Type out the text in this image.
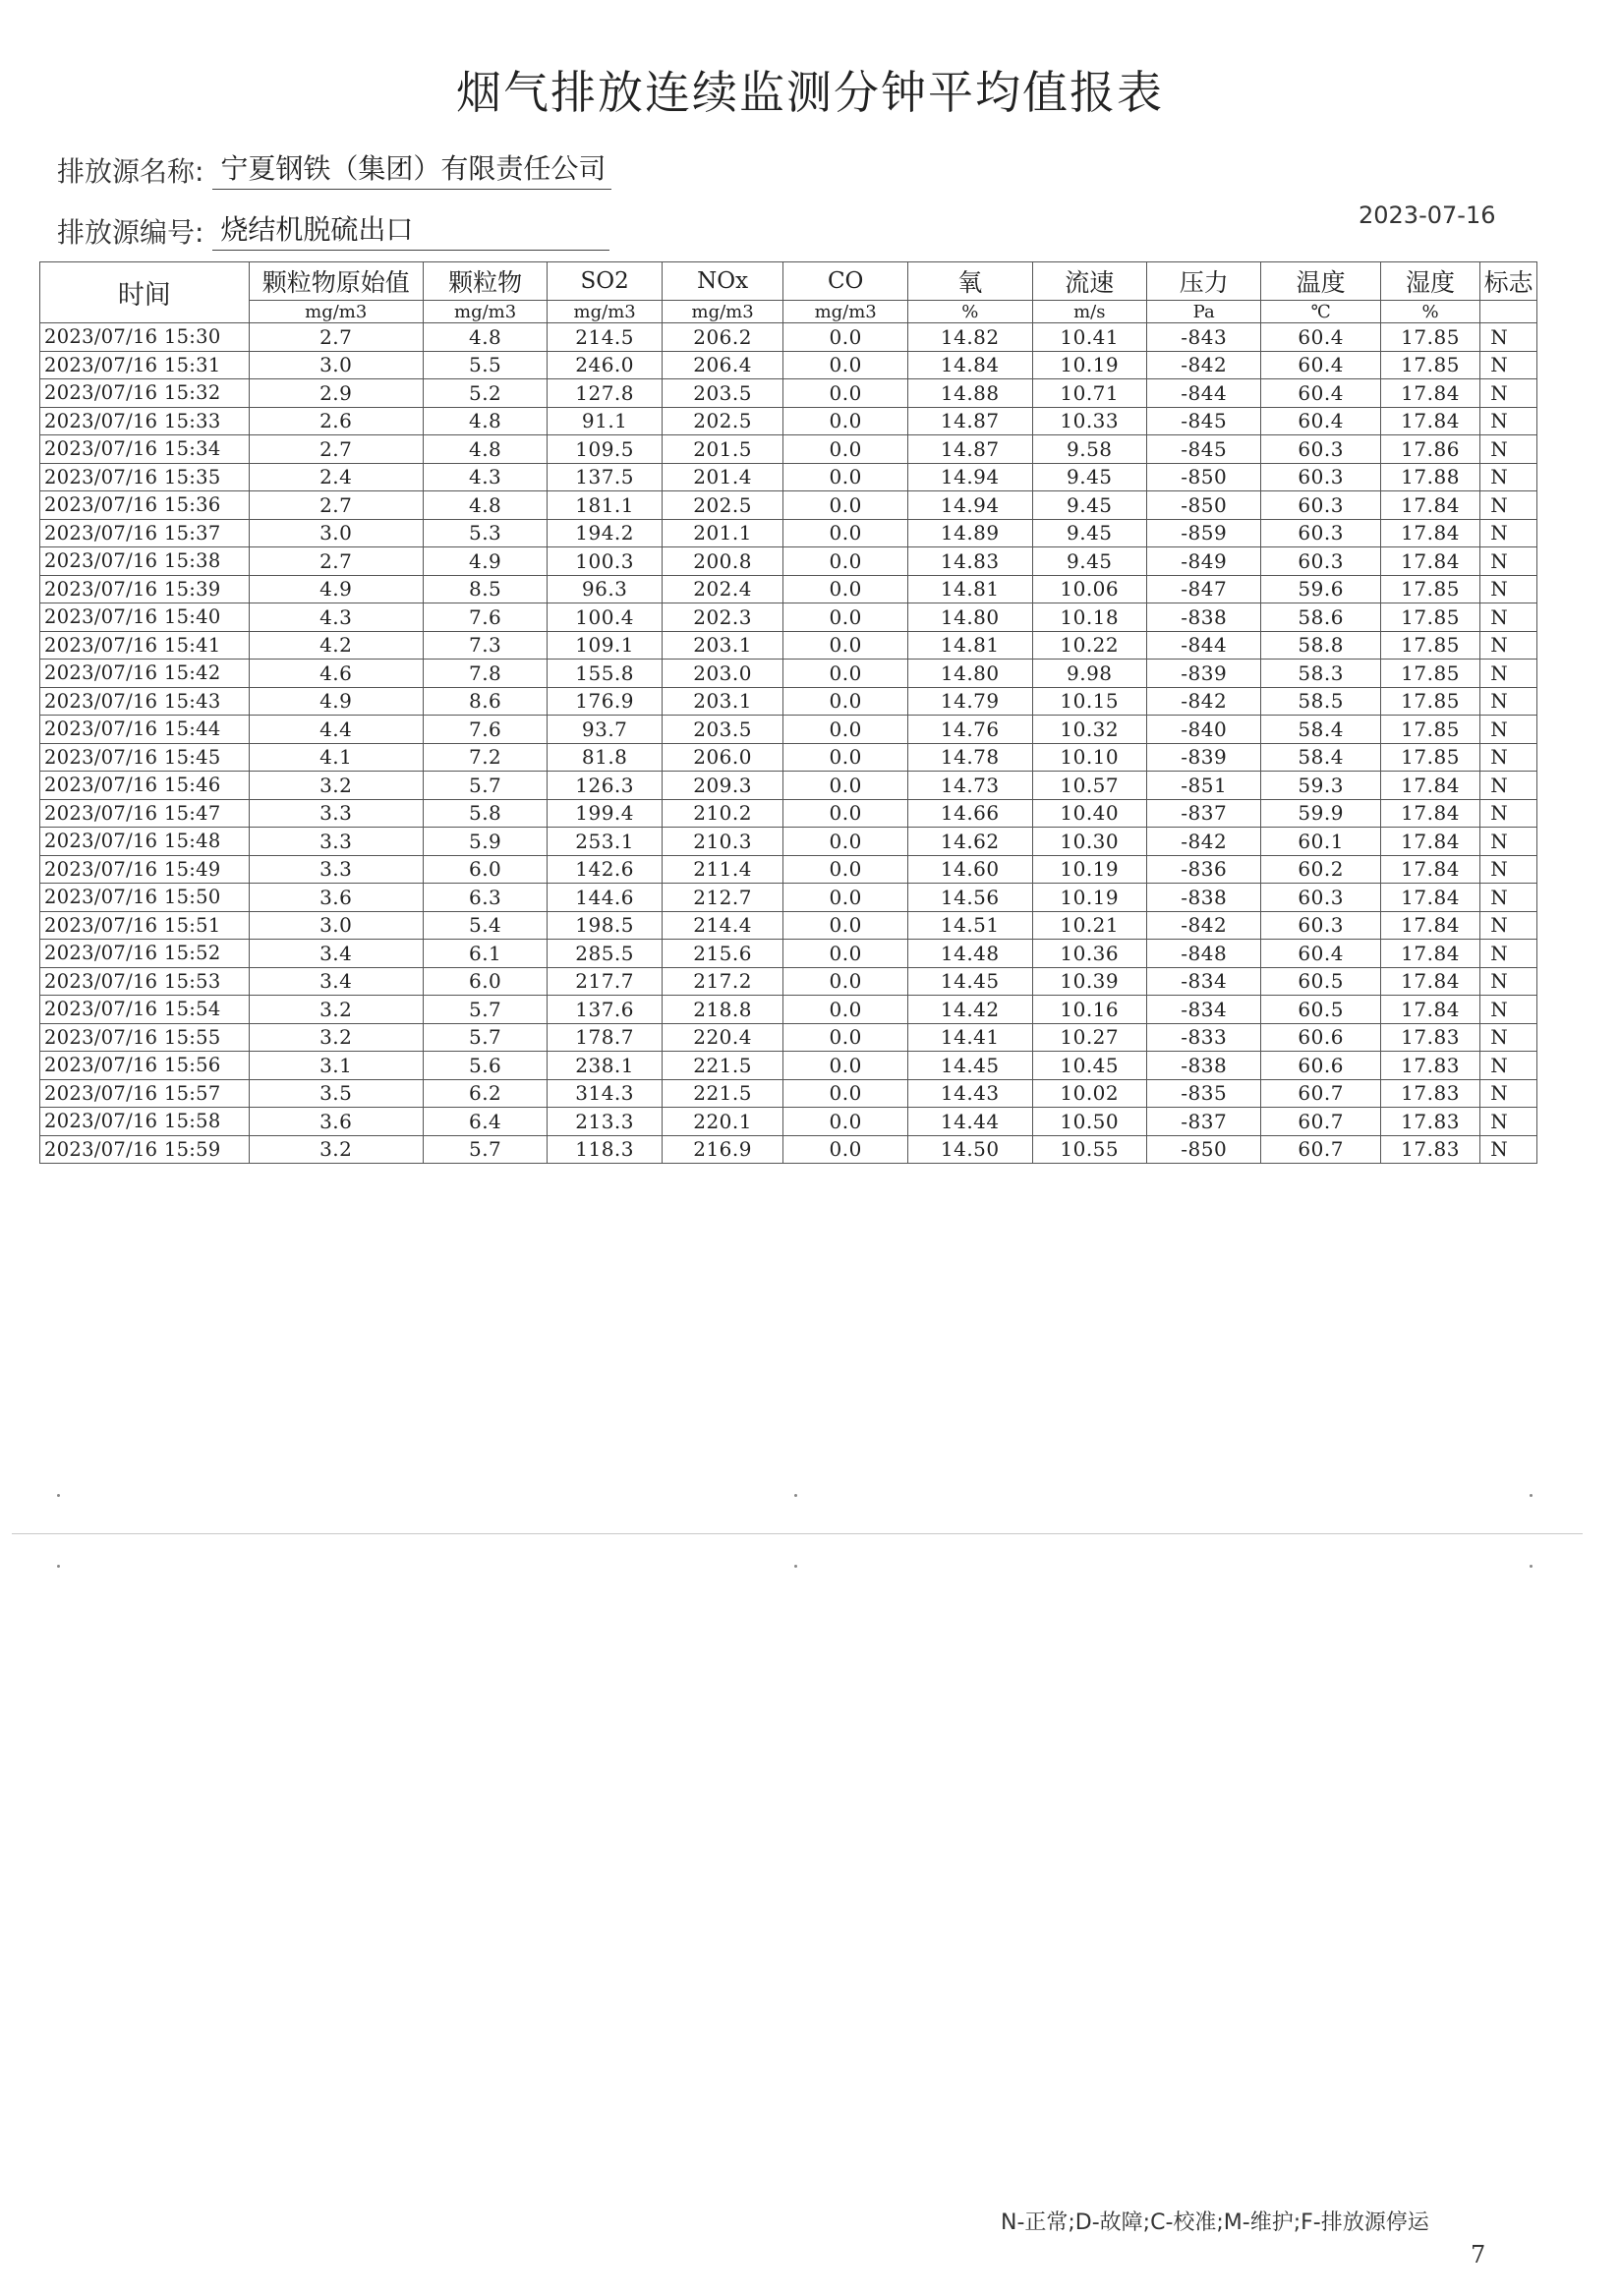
烟气排放连续监测分钟平均值报表
排放源名称: 宁夏钢铁（集团）有限责任公司
排放源编号: 烧结机脱硫出口	2023-07-16
时间	颗粒物原始值	颗粒物	SO2	NOx	CO	氧	流速	压力	温度	湿度	标志
	mg/m3	mg/m3	mg/m3	mg/m3	mg/m3	%	m/s	Pa	℃	%	
2023/07/16 15:30	2.7	4.8	214.5	206.2	0.0	14.82	10.41	-843	60.4	17.85	N
2023/07/16 15:31	3.0	5.5	246.0	206.4	0.0	14.84	10.19	-842	60.4	17.85	N
2023/07/16 15:32	2.9	5.2	127.8	203.5	0.0	14.88	10.71	-844	60.4	17.84	N
2023/07/16 15:33	2.6	4.8	91.1	202.5	0.0	14.87	10.33	-845	60.4	17.84	N
2023/07/16 15:34	2.7	4.8	109.5	201.5	0.0	14.87	9.58	-845	60.3	17.86	N
2023/07/16 15:35	2.4	4.3	137.5	201.4	0.0	14.94	9.45	-850	60.3	17.88	N
2023/07/16 15:36	2.7	4.8	181.1	202.5	0.0	14.94	9.45	-850	60.3	17.84	N
2023/07/16 15:37	3.0	5.3	194.2	201.1	0.0	14.89	9.45	-859	60.3	17.84	N
2023/07/16 15:38	2.7	4.9	100.3	200.8	0.0	14.83	9.45	-849	60.3	17.84	N
2023/07/16 15:39	4.9	8.5	96.3	202.4	0.0	14.81	10.06	-847	59.6	17.85	N
2023/07/16 15:40	4.3	7.6	100.4	202.3	0.0	14.80	10.18	-838	58.6	17.85	N
2023/07/16 15:41	4.2	7.3	109.1	203.1	0.0	14.81	10.22	-844	58.8	17.85	N
2023/07/16 15:42	4.6	7.8	155.8	203.0	0.0	14.80	9.98	-839	58.3	17.85	N
2023/07/16 15:43	4.9	8.6	176.9	203.1	0.0	14.79	10.15	-842	58.5	17.85	N
2023/07/16 15:44	4.4	7.6	93.7	203.5	0.0	14.76	10.32	-840	58.4	17.85	N
2023/07/16 15:45	4.1	7.2	81.8	206.0	0.0	14.78	10.10	-839	58.4	17.85	N
2023/07/16 15:46	3.2	5.7	126.3	209.3	0.0	14.73	10.57	-851	59.3	17.84	N
2023/07/16 15:47	3.3	5.8	199.4	210.2	0.0	14.66	10.40	-837	59.9	17.84	N
2023/07/16 15:48	3.3	5.9	253.1	210.3	0.0	14.62	10.30	-842	60.1	17.84	N
2023/07/16 15:49	3.3	6.0	142.6	211.4	0.0	14.60	10.19	-836	60.2	17.84	N
2023/07/16 15:50	3.6	6.3	144.6	212.7	0.0	14.56	10.19	-838	60.3	17.84	N
2023/07/16 15:51	3.0	5.4	198.5	214.4	0.0	14.51	10.21	-842	60.3	17.84	N
2023/07/16 15:52	3.4	6.1	285.5	215.6	0.0	14.48	10.36	-848	60.4	17.84	N
2023/07/16 15:53	3.4	6.0	217.7	217.2	0.0	14.45	10.39	-834	60.5	17.84	N
2023/07/16 15:54	3.2	5.7	137.6	218.8	0.0	14.42	10.16	-834	60.5	17.84	N
2023/07/16 15:55	3.2	5.7	178.7	220.4	0.0	14.41	10.27	-833	60.6	17.83	N
2023/07/16 15:56	3.1	5.6	238.1	221.5	0.0	14.45	10.45	-838	60.6	17.83	N
2023/07/16 15:57	3.5	6.2	314.3	221.5	0.0	14.43	10.02	-835	60.7	17.83	N
2023/07/16 15:58	3.6	6.4	213.3	220.1	0.0	14.44	10.50	-837	60.7	17.83	N
2023/07/16 15:59	3.2	5.7	118.3	216.9	0.0	14.50	10.55	-850	60.7	17.83	N
N-正常;D-故障;C-校准;M-维护;F-排放源停运
7
